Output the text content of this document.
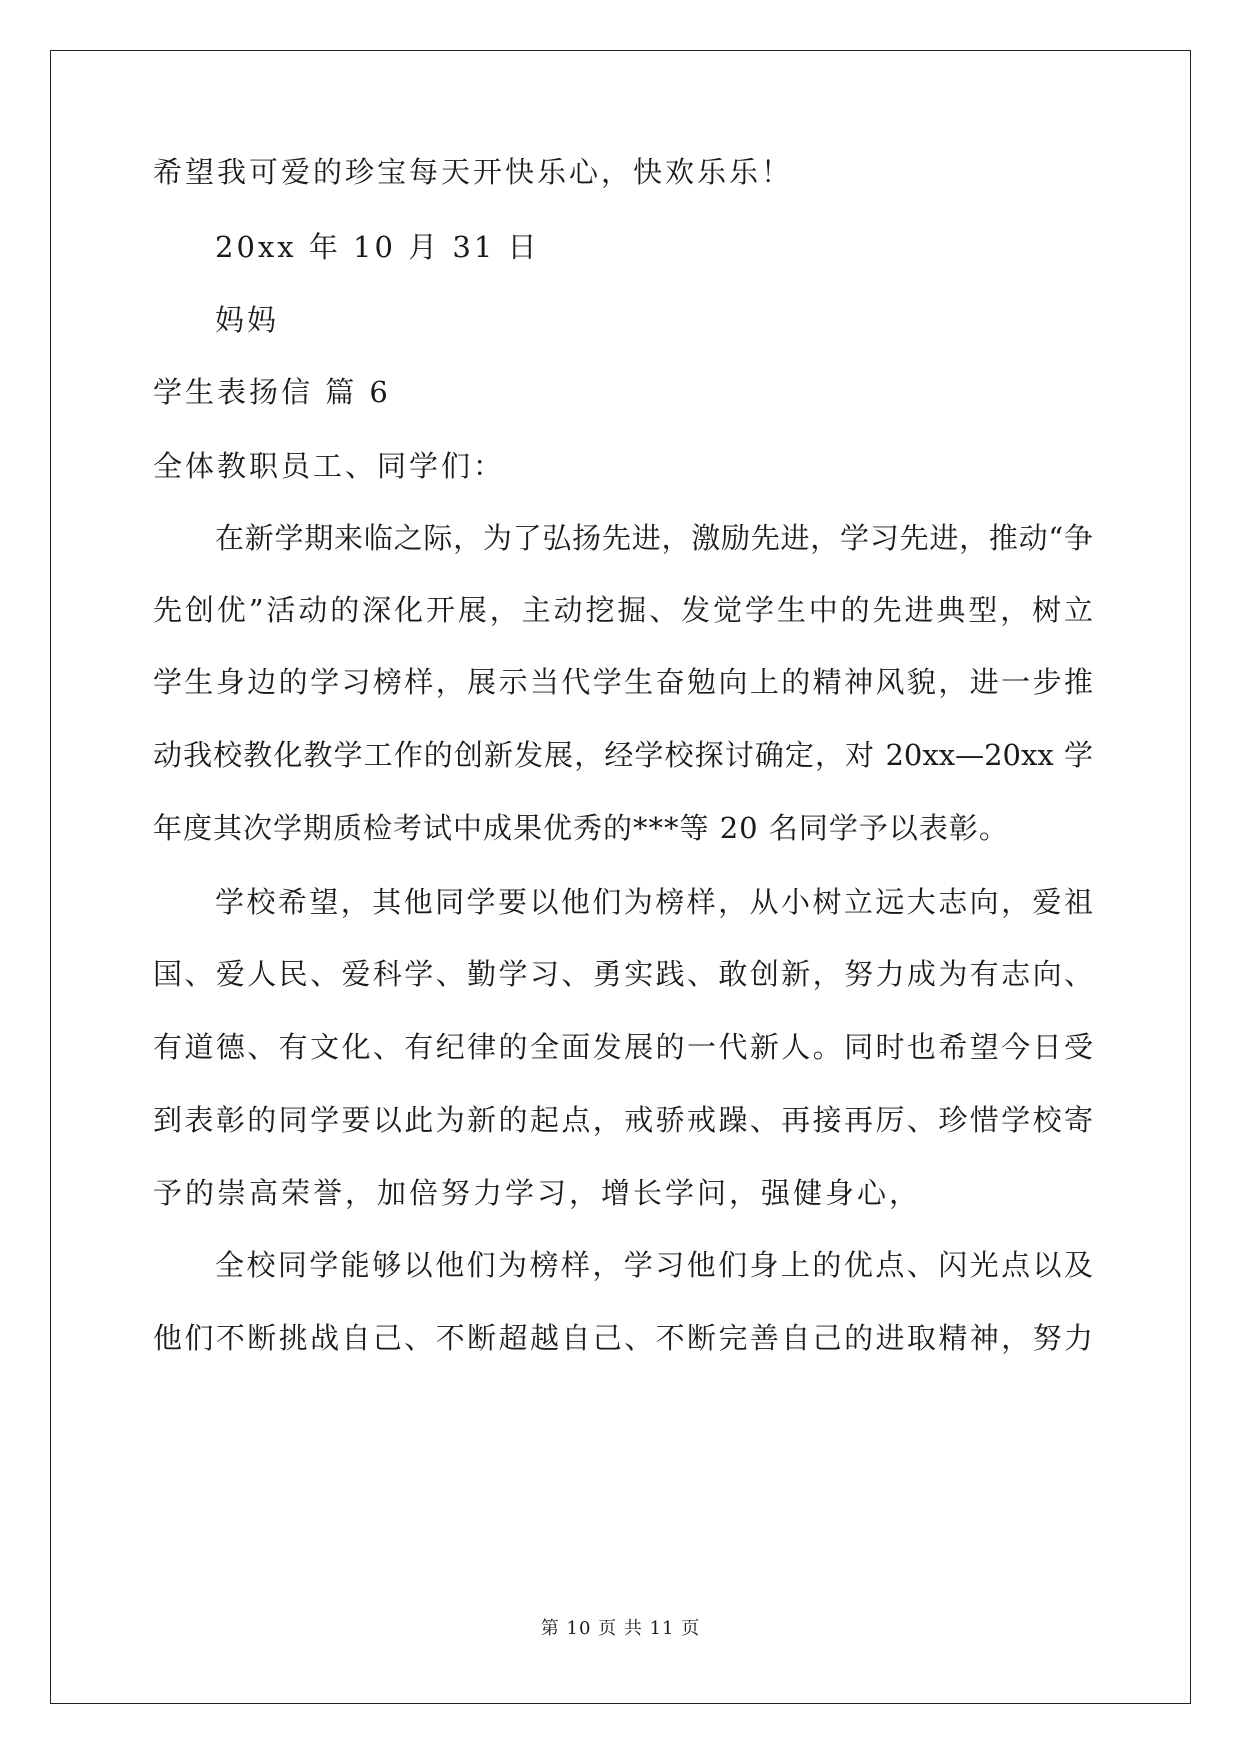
希望我可爱的珍宝每天开快乐心，快欢乐乐！
20xx 年 10 月 31 日
妈妈
学生表扬信 篇 6
全体教职员工、同学们：
在新学期来临之际，为了弘扬先进，激励先进，学习先进，推动“争
先创优”活动的深化开展，主动挖掘、发觉学生中的先进典型，树立
学生身边的学习榜样，展示当代学生奋勉向上的精神风貌，进一步推
动我校教化教学工作的创新发展，经学校探讨确定，对 20xx—20xx 学
年度其次学期质检考试中成果优秀的***等 20 名同学予以表彰。
学校希望，其他同学要以他们为榜样，从小树立远大志向，爱祖
国、爱人民、爱科学、勤学习、勇实践、敢创新，努力成为有志向、
有道德、有文化、有纪律的全面发展的一代新人。同时也希望今日受
到表彰的同学要以此为新的起点，戒骄戒躁、再接再厉、珍惜学校寄
予的崇高荣誉，加倍努力学习，增长学问，强健身心，
全校同学能够以他们为榜样，学习他们身上的优点、闪光点以及
他们不断挑战自己、不断超越自己、不断完善自己的进取精神，努力
第 10 页 共 11 页
